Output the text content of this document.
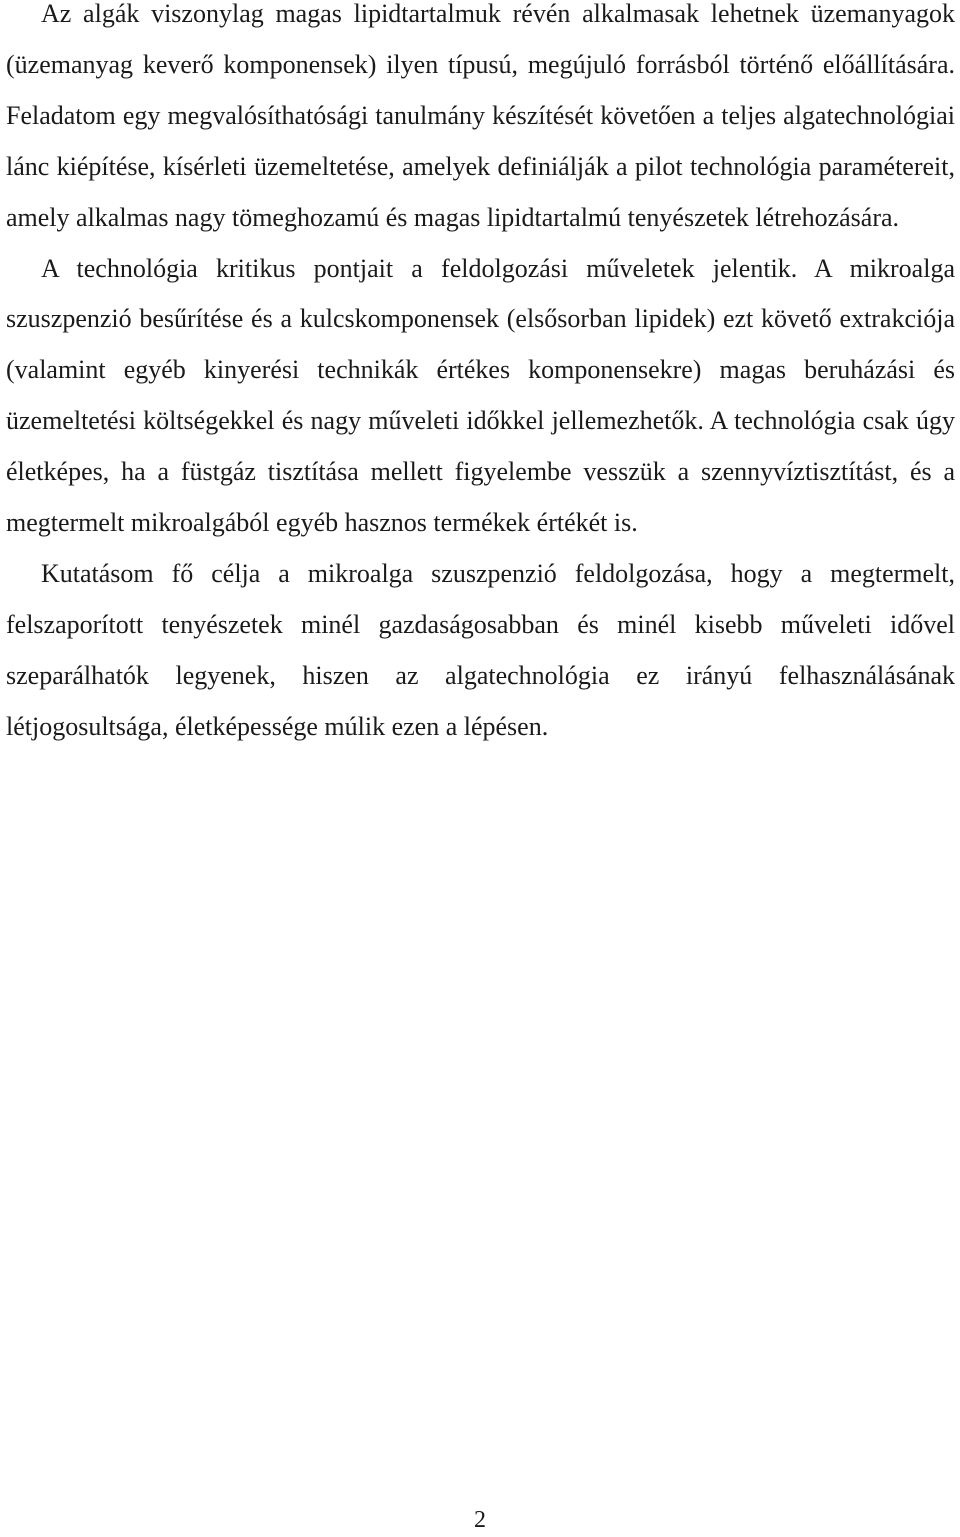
Az algák viszonylag magas lipidtartalmuk révén alkalmasak lehetnek üzemanyagok (üzemanyag keverő komponensek) ilyen típusú, megújuló forrásból történő előállítására. Feladatom egy megvalósíthatósági tanulmány készítését követően a teljes algatechnológiai lánc kiépítése, kísérleti üzemeltetése, amelyek definiálják a pilot technológia paramétereit, amely alkalmas nagy tömeghozamú és magas lipidtartalmú tenyészetek létrehozására.

A technológia kritikus pontjait a feldolgozási műveletek jelentik. A mikroalga szuszpenzió besűrítése és a kulcskomponensek (elsősorban lipidek) ezt követő extrakciója (valamint egyéb kinyerési technikák értékes komponensekre) magas beruházási és üzemeltetési költségekkel és nagy műveleti időkkel jellemezhetők. A technológia csak úgy életképes, ha a füstgáz tisztítása mellett figyelembe vesszük a szennyvíztisztítást, és a megtermelt mikroalgából egyéb hasznos termékek értékét is.

Kutatásom fő célja a mikroalga szuszpenzió feldolgozása, hogy a megtermelt, felszaporított tenyészetek minél gazdaságosabban és minél kisebb műveleti idővel szeparálhatók legyenek, hiszen az algatechnológia ez irányú felhasználásának létjogosultsága, életképessége múlik ezen a lépésen.

2
